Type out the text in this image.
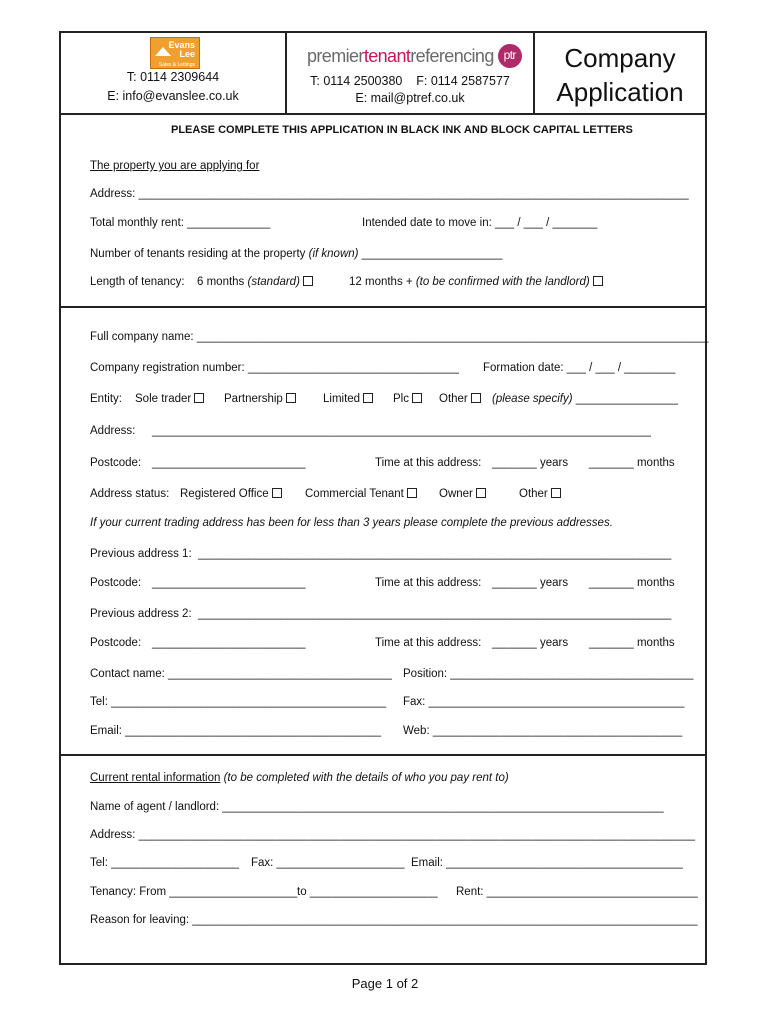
Evans Lee
Sales & Lettings
T: 0114 2309644
E: info@evanslee.co.uk
premiertenantreferencing ptr
T: 0114 2500380    F: 0114 2587577
E: mail@ptref.co.uk
Company
Application
PLEASE COMPLETE THIS APPLICATION IN BLACK INK AND BLOCK CAPITAL LETTERS
The property you are applying for
Address: ______________________________________________________________________________________
Total monthly rent: _____________	Intended date to move in: ___ / ___ / _______
Number of tenants residing at the property (if known) ______________________
Length of tenancy: 6 months (standard)	12 months + (to be confirmed with the landlord)
Full company name: ________________________________________________________________________________
Company registration number: _________________________________ Formation date: ___ / ___ / ________
Entity: Sole trader	Partnership	Limited	Plc	Other	(please specify) ________________
Address: ______________________________________________________________________________
Postcode: ________________________	Time at this address: _______ years _______ months
Address status: Registered Office	Commercial Tenant	Owner	Other
If your current trading address has been for less than 3 years please complete the previous addresses.
Previous address 1: __________________________________________________________________________
Postcode: ________________________	Time at this address: _______ years _______ months
Previous address 2: __________________________________________________________________________
Postcode: ________________________	Time at this address: _______ years _______ months
Contact name: ___________________________________ Position: ______________________________________
Tel: ___________________________________________ Fax: ________________________________________
Email: ________________________________________ Web: _______________________________________
Current rental information (to be completed with the details of who you pay rent to)
Name of agent / landlord: _____________________________________________________________________
Address: _______________________________________________________________________________________
Tel: ____________________ Fax: ____________________ Email: _____________________________________
Tenancy: From ____________________ to ____________________ Rent: _________________________________
Reason for leaving: _______________________________________________________________________________
Page 1 of 2
